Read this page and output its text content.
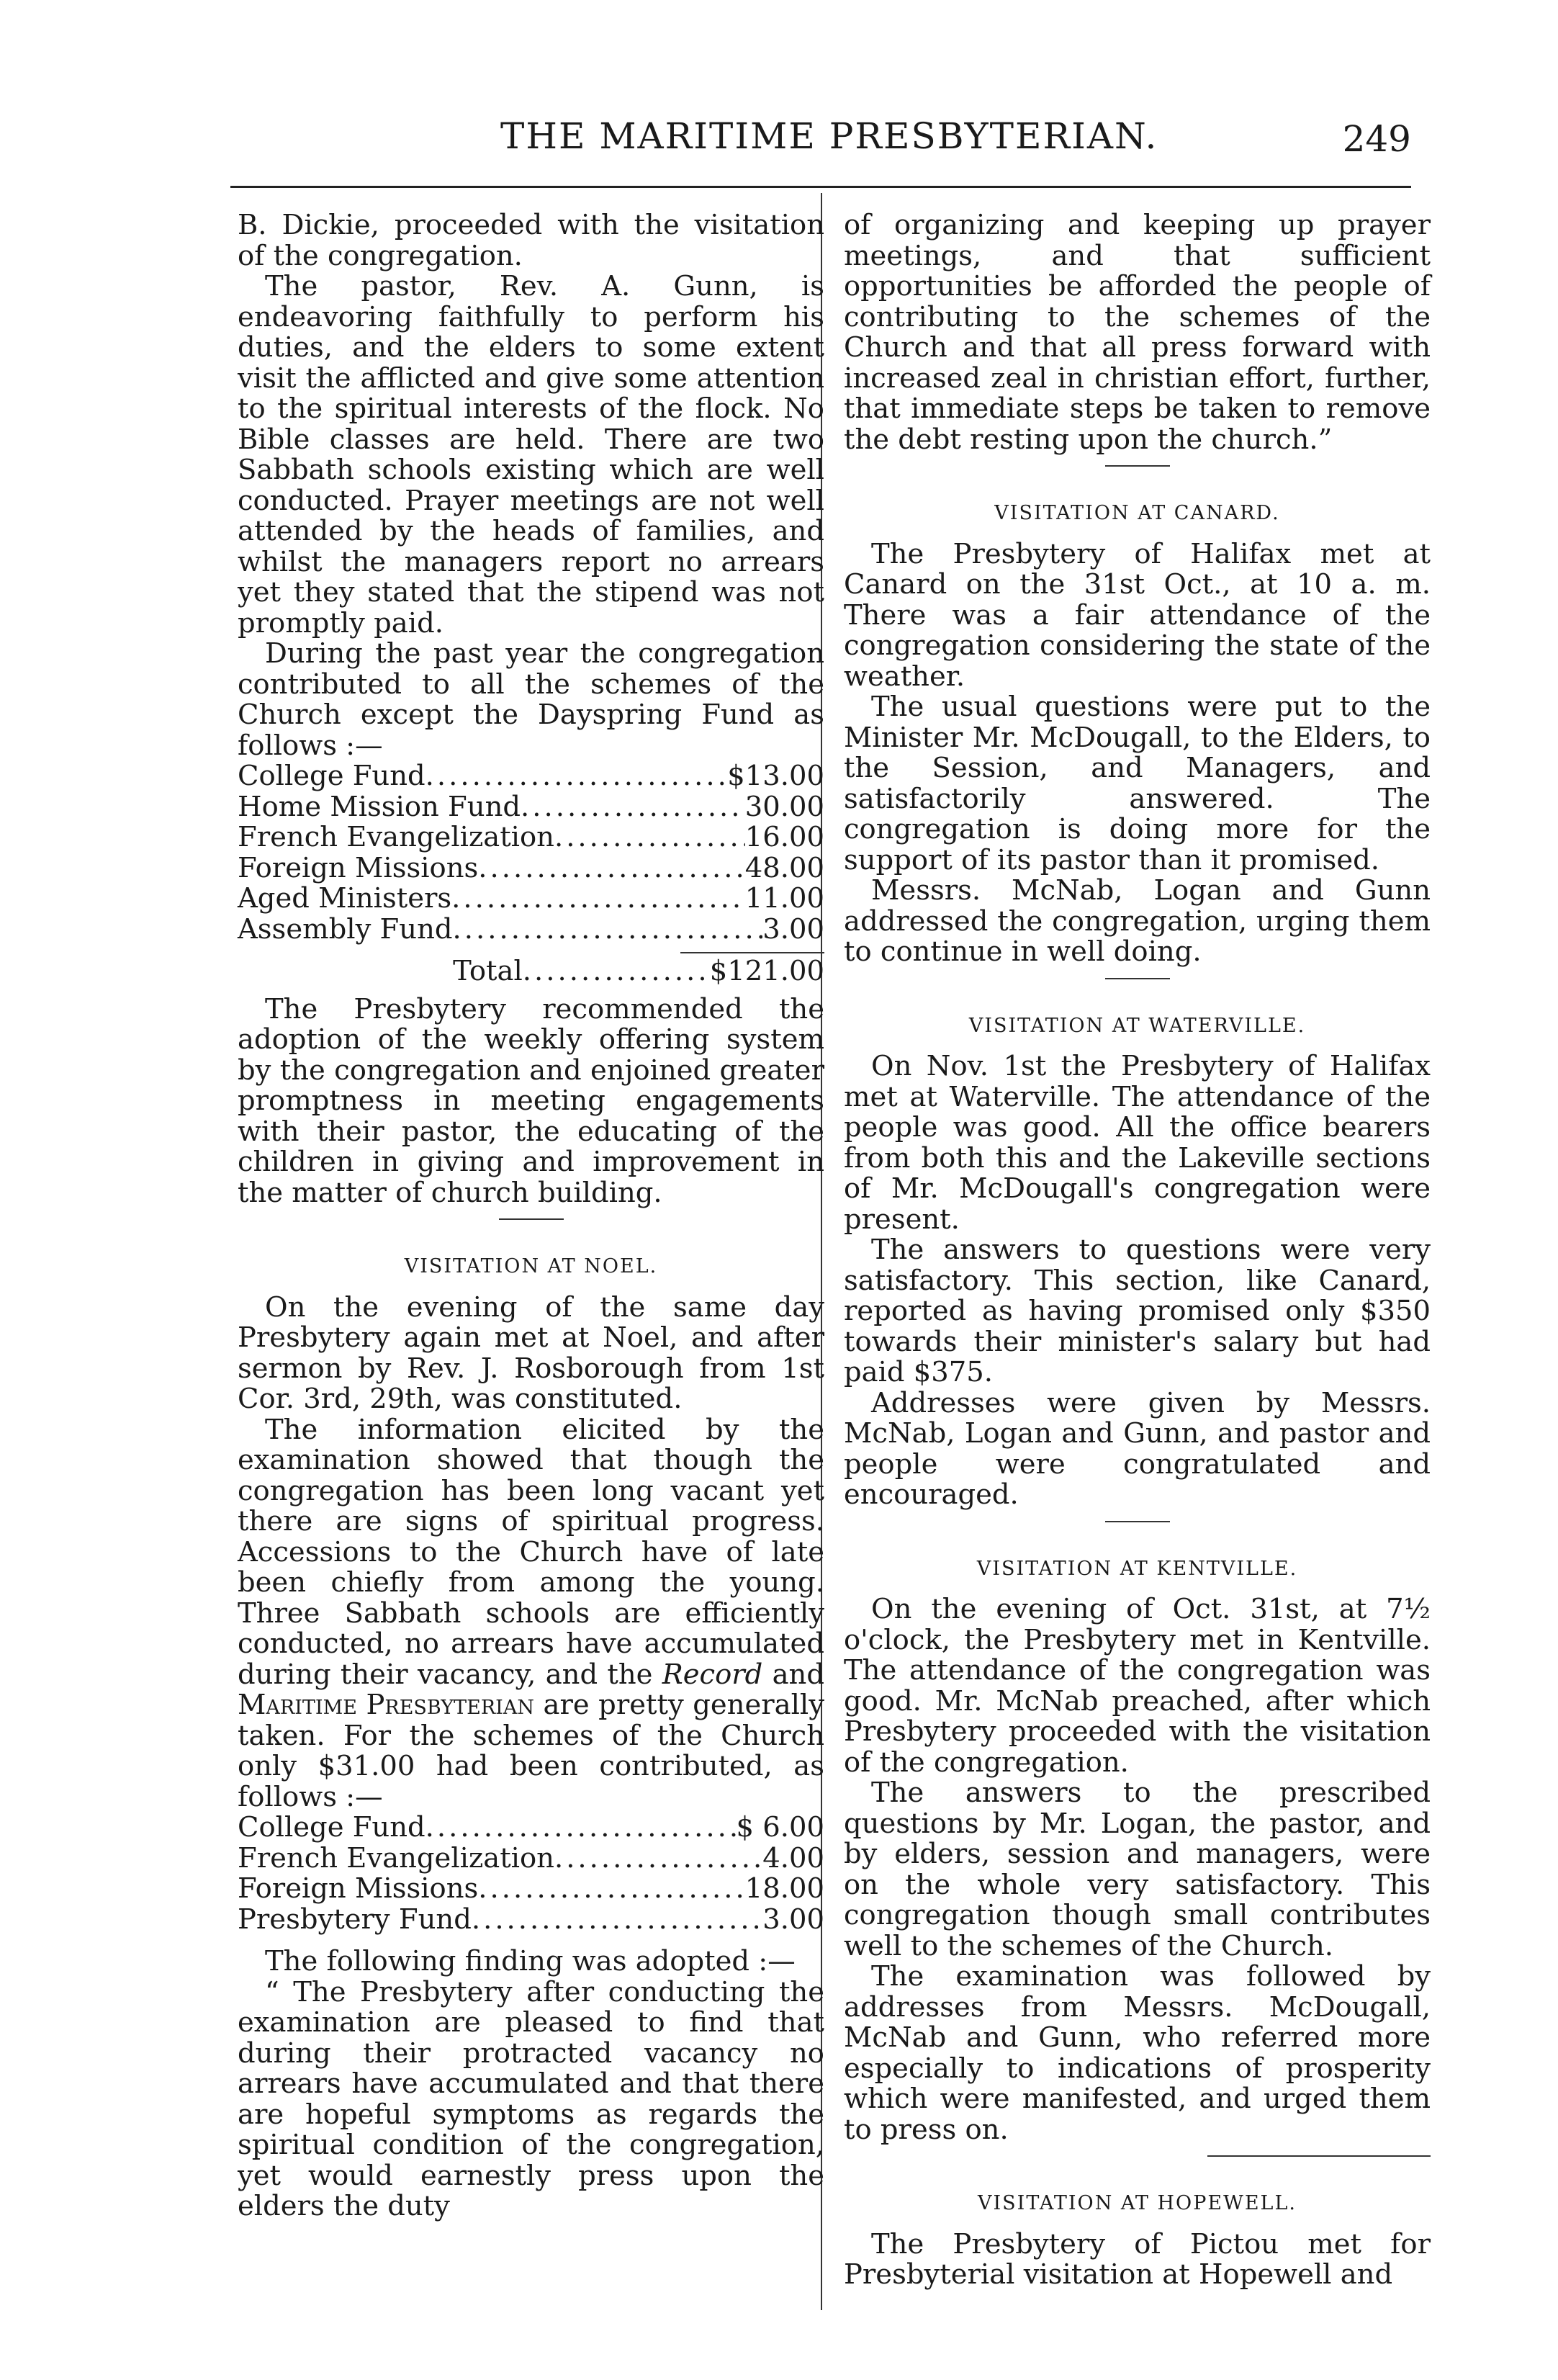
THE MARITIME PRESBYTERIAN.	249

B. Dickie, proceeded with the visitation of the congregation.

The pastor, Rev. A. Gunn, is endeavoring faithfully to perform his duties, and the elders to some extent visit the afflicted and give some attention to the spiritual interests of the flock. No Bible classes are held. There are two Sabbath schools existing which are well conducted. Prayer meetings are not well attended by the heads of families, and whilst the managers report no arrears yet they stated that the stipend was not promptly paid.

During the past year the congregation contributed to all the schemes of the Church except the Dayspring Fund as follows :—

College Fund .....	$13.00
Home Mission Fund .....	30.00
French Evangelization .....	16.00
Foreign Missions .....	48.00
Aged Ministers .....	11.00
Assembly Fund .....	3.00
Total .....	$121.00

The Presbytery recommended the adoption of the weekly offering system by the congregation and enjoined greater promptness in meeting engagements with their pastor, the educating of the children in giving and improvement in the matter of church building.

VISITATION AT NOEL.

On the evening of the same day Presbytery again met at Noel, and after sermon by Rev. J. Rosborough from 1st Cor. 3rd, 29th, was constituted.

The information elicited by the examination showed that though the congregation has been long vacant yet there are signs of spiritual progress. Accessions to the Church have of late been chiefly from among the young. Three Sabbath schools are efficiently conducted, no arrears have accumulated during their vacancy, and the Record and Maritime Presbyterian are pretty generally taken. For the schemes of the Church only $31.00 had been contributed, as follows :—

College Fund .....	$ 6.00
French Evangelization .....	4.00
Foreign Missions .....	18.00
Presbytery Fund .....	3.00

The following finding was adopted :—

“ The Presbytery after conducting the examination are pleased to find that during their protracted vacancy no arrears have accumulated and that there are hopeful symptoms as regards the spiritual condition of the congregation, yet would earnestly press upon the elders the duty

of organizing and keeping up prayer meetings, and that sufficient opportunities be afforded the people of contributing to the schemes of the Church and that all press forward with increased zeal in christian effort, further, that immediate steps be taken to remove the debt resting upon the church.”

VISITATION AT CANARD.

The Presbytery of Halifax met at Canard on the 31st Oct., at 10 a. m. There was a fair attendance of the congregation considering the state of the weather.

The usual questions were put to the Minister Mr. McDougall, to the Elders, to the Session, and Managers, and satisfactorily answered. The congregation is doing more for the support of its pastor than it promised.

Messrs. McNab, Logan and Gunn addressed the congregation, urging them to continue in well doing.

VISITATION AT WATERVILLE.

On Nov. 1st the Presbytery of Halifax met at Waterville. The attendance of the people was good. All the office bearers from both this and the Lakeville sections of Mr. McDougall's congregation were present.

The answers to questions were very satisfactory. This section, like Canard, reported as having promised only $350 towards their minister's salary but had paid $375.

Addresses were given by Messrs. McNab, Logan and Gunn, and pastor and people were congratulated and encouraged.

VISITATION AT KENTVILLE.

On the evening of Oct. 31st, at 7½ o'clock, the Presbytery met in Kentville. The attendance of the congregation was good. Mr. McNab preached, after which Presbytery proceeded with the visitation of the congregation.

The answers to the prescribed questions by Mr. Logan, the pastor, and by elders, session and managers, were on the whole very satisfactory. This congregation though small contributes well to the schemes of the Church.

The examination was followed by addresses from Messrs. McDougall, McNab and Gunn, who referred more especially to indications of prosperity which were manifested, and urged them to press on.

VISITATION AT HOPEWELL.

The Presbytery of Pictou met for Presbyterial visitation at Hopewell and
